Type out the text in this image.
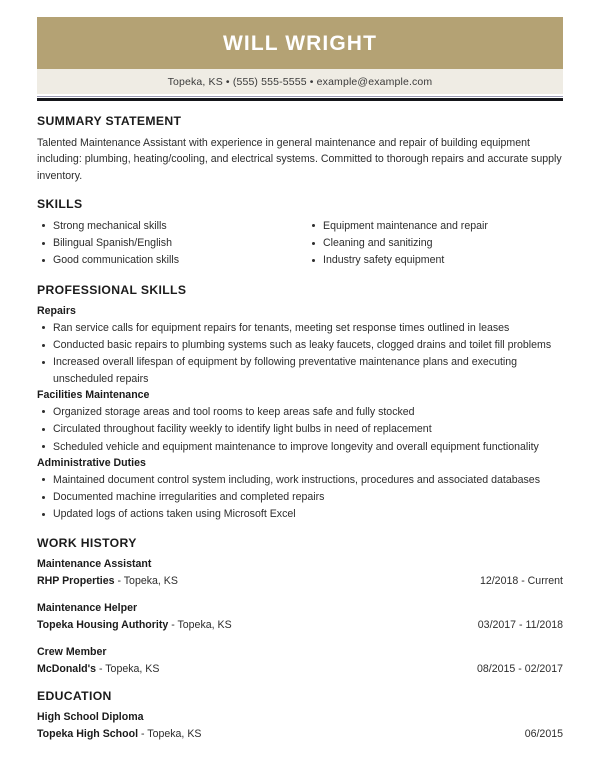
WILL WRIGHT
Topeka, KS • (555) 555-5555 • example@example.com
SUMMARY STATEMENT

Talented Maintenance Assistant with experience in general maintenance and repair of building equipment including: plumbing, heating/cooling, and electrical systems. Committed to thorough repairs and accurate supply inventory.

SKILLS
Strong mechanical skills
Bilingual Spanish/English
Good communication skills
Equipment maintenance and repair
Cleaning and sanitizing
Industry safety equipment
PROFESSIONAL SKILLS
Repairs
Ran service calls for equipment repairs for tenants, meeting set response times outlined in leases
Conducted basic repairs to plumbing systems such as leaky faucets, clogged drains and toilet fill problems
Increased overall lifespan of equipment by following preventative maintenance plans and executing unscheduled repairs
Facilities Maintenance
Organized storage areas and tool rooms to keep areas safe and fully stocked
Circulated throughout facility weekly to identify light bulbs in need of replacement
Scheduled vehicle and equipment maintenance to improve longevity and overall equipment functionality
Administrative Duties
Maintained document control system including, work instructions, procedures and associated databases
Documented machine irregularities and completed repairs
Updated logs of actions taken using Microsoft Excel
WORK HISTORY
Maintenance Assistant
RHP Properties - Topeka, KS	12/2018 - Current
Maintenance Helper
Topeka Housing Authority - Topeka, KS	03/2017 - 11/2018
Crew Member
McDonald's - Topeka, KS	08/2015 - 02/2017
EDUCATION
High School Diploma
Topeka High School - Topeka, KS	06/2015
